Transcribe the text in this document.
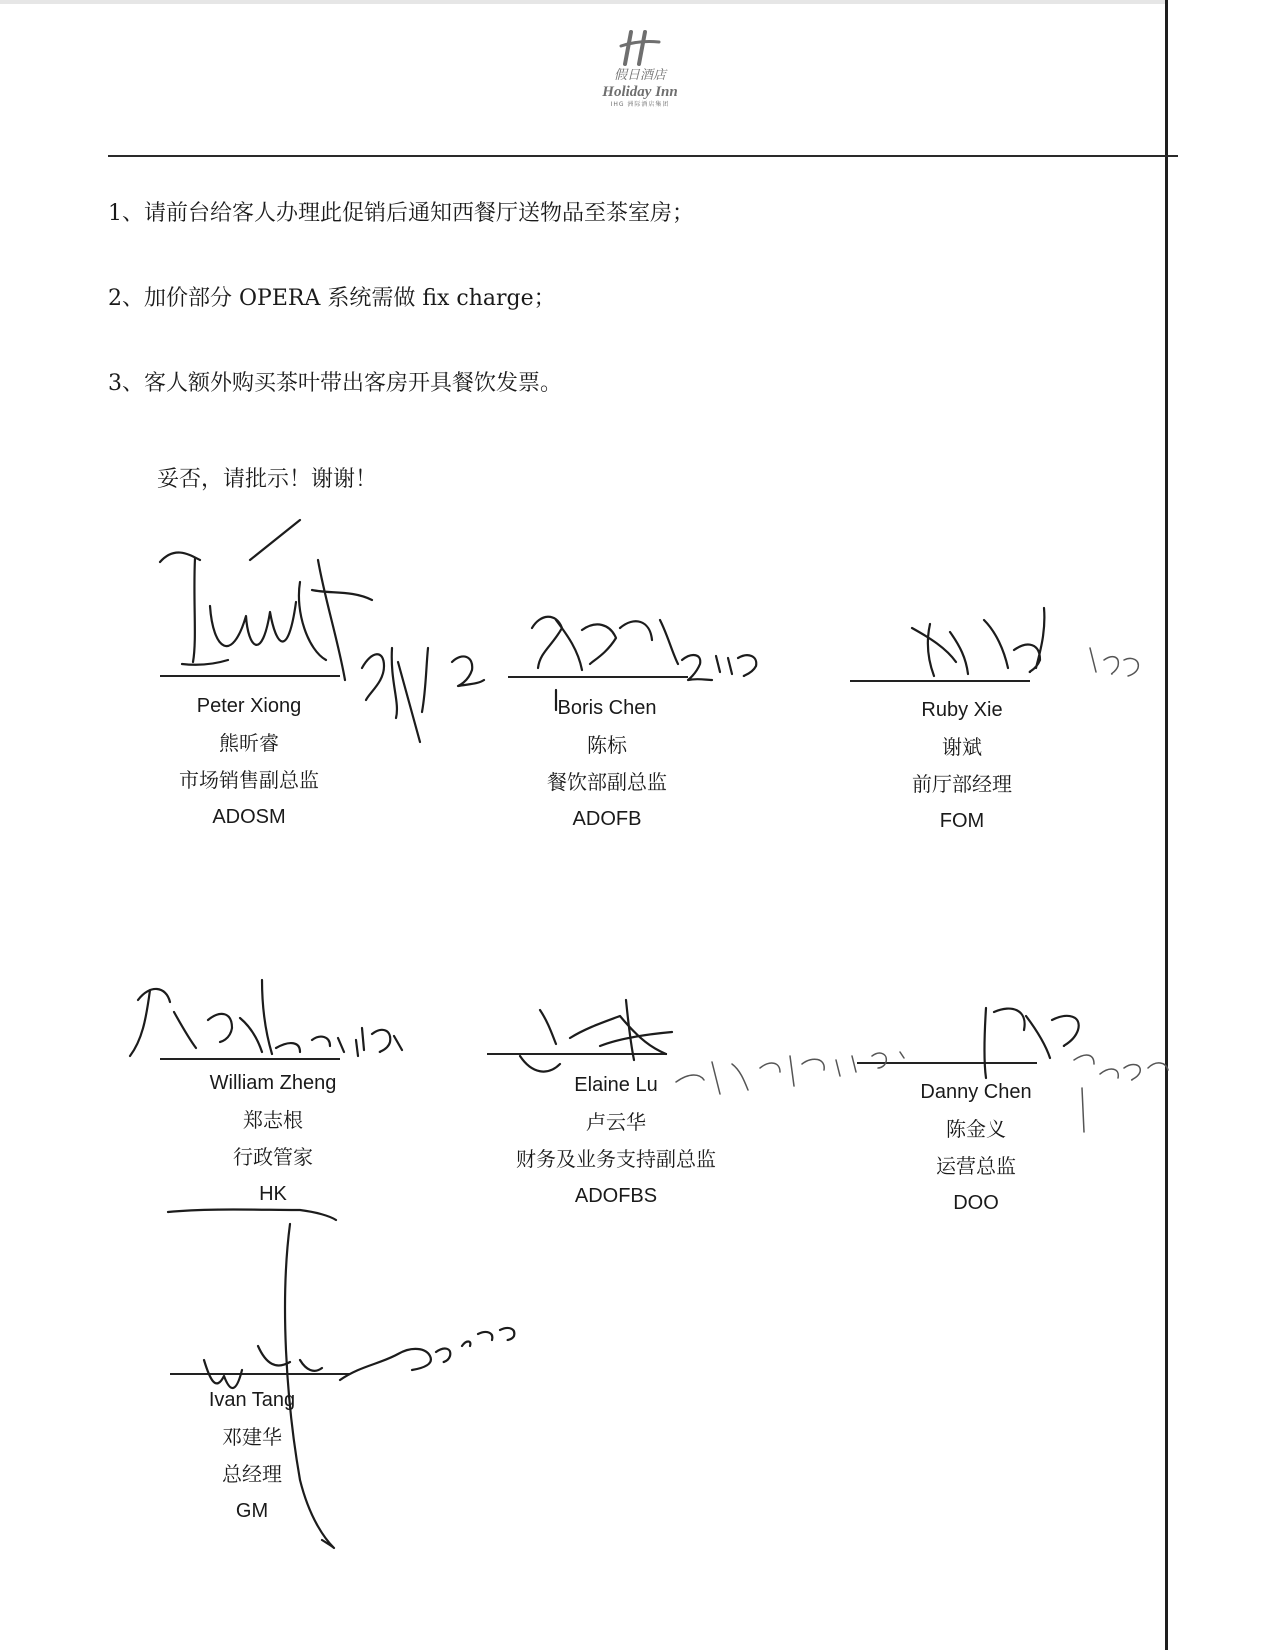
假日酒店
Holiday Inn
IHG 洲际酒店集团
1、请前台给客人办理此促销后通知西餐厅送物品至茶室房；
2、加价部分 OPERA 系统需做 fix charge；
3、客人额外购买茶叶带出客房开具餐饮发票。
妥否，请批示！谢谢！
Peter Xiong
熊昕睿
市场销售副总监
ADOSM
Boris Chen
陈标
餐饮部副总监
ADOFB
Ruby Xie
谢斌
前厅部经理
FOM
William Zheng
郑志根
行政管家
HK
Elaine Lu
卢云华
财务及业务支持副总监
ADOFBS
Danny Chen
陈金义
运营总监
DOO
Ivan Tang
邓建华
总经理
GM
